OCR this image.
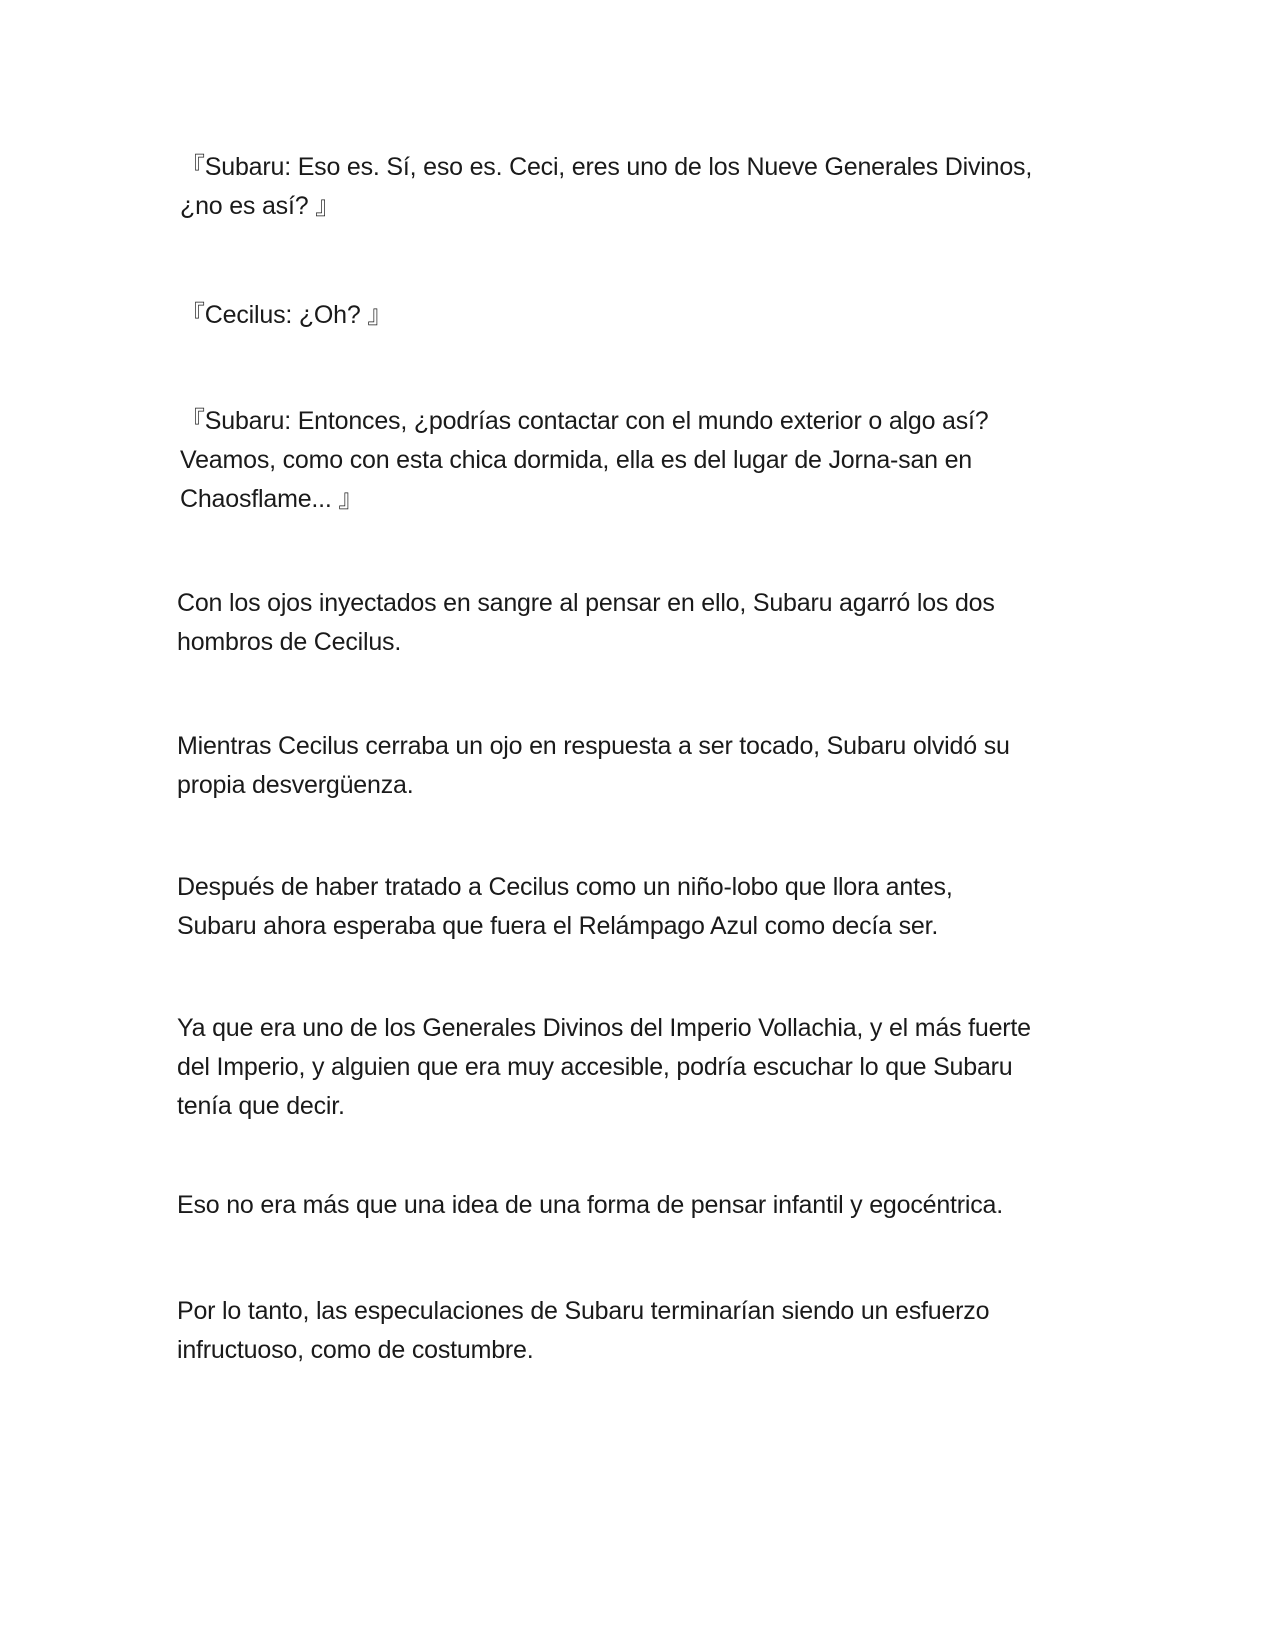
『Subaru: Eso es. Sí, eso es. Ceci, eres uno de los Nueve Generales Divinos,
¿no es así? 』

『Cecilus: ¿Oh? 』

『Subaru: Entonces, ¿podrías contactar con el mundo exterior o algo así?
Veamos, como con esta chica dormida, ella es del lugar de Jorna-san en
Chaosflame... 』

Con los ojos inyectados en sangre al pensar en ello, Subaru agarró los dos
hombros de Cecilus.

Mientras Cecilus cerraba un ojo en respuesta a ser tocado, Subaru olvidó su
propia desvergüenza.

Después de haber tratado a Cecilus como un niño-lobo que llora antes,
Subaru ahora esperaba que fuera el Relámpago Azul como decía ser.

Ya que era uno de los Generales Divinos del Imperio Vollachia, y el más fuerte
del Imperio, y alguien que era muy accesible, podría escuchar lo que Subaru
tenía que decir.

Eso no era más que una idea de una forma de pensar infantil y egocéntrica.

Por lo tanto, las especulaciones de Subaru terminarían siendo un esfuerzo
infructuoso, como de costumbre.
